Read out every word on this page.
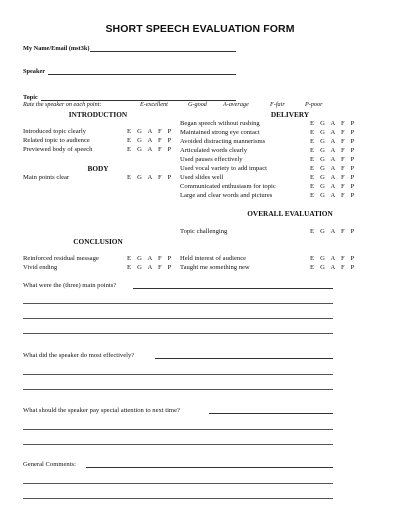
SHORT SPEECH EVALUATION FORM
My Name/Email (mst3k)
Speaker
Topic
Rate the speaker on each point:	E-excellent	G-good	A-average	F-fair	P-poor
INTRODUCTION
Introduced topic clearly	E G A F P
Related topic to audience	E G A F P
Previewed body of speech	E G A F P
BODY
Main points clear	E G A F P
CONCLUSION
Reinforced residual message	E G A F P
Vivid ending	E G A F P
DELIVERY
Began speech without rushing	E G A F P
Maintained strong eye contact	E G A F P
Avoided distracting mannerisms	E G A F P
Articulated words clearly	E G A F P
Used pauses effectively	E G A F P
Used vocal variety to add impact	E G A F P
Used slides well	E G A F P
Communicated enthusiasm for topic	E G A F P
Large and clear words and pictures	E G A F P
OVERALL EVALUATION
Topic challenging	E G A F P
Held interest of audience	E G A F P
Taught me something new	E G A F P
What were the (three) main points?
What did the speaker do most effectively?
What should the speaker pay special attention to next time?
General Comments:
